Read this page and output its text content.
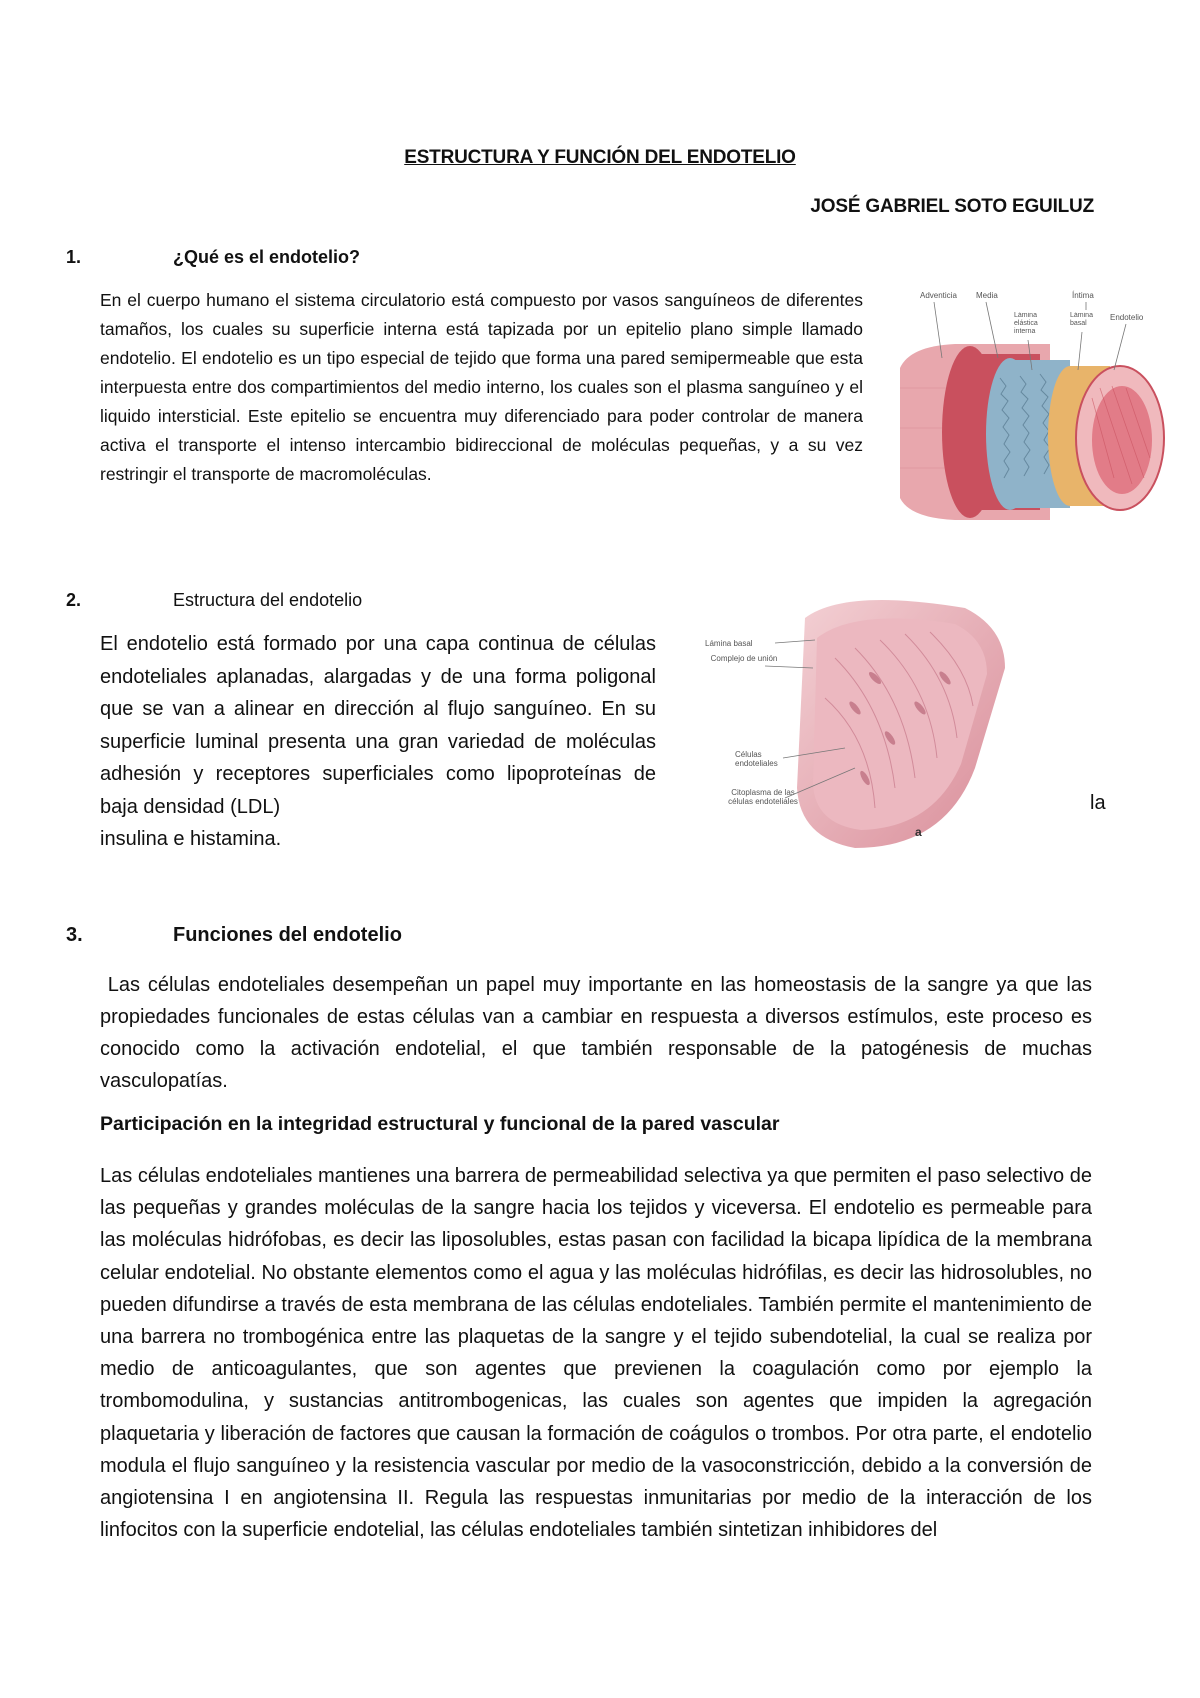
ESTRUCTURA Y FUNCIÓN DEL ENDOTELIO
JOSÉ GABRIEL SOTO EGUILUZ
1.	¿Qué es el endotelio?
En el cuerpo humano el sistema circulatorio está compuesto por vasos sanguíneos de diferentes tamaños, los cuales su superficie interna está tapizada por un epitelio plano simple llamado endotelio. El endotelio es un tipo especial de tejido que forma una pared semipermeable que esta interpuesta entre dos compartimientos del medio interno, los cuales son el plasma sanguíneo y el liquido intersticial. Este epitelio se encuentra muy diferenciado para poder controlar de manera activa el transporte el intenso intercambio bidireccional de moléculas pequeñas, y a su vez restringir el transporte de macromoléculas.
Adventicia Media	Íntima
Lámina elástica interna
Lámina basal
Endotelio
2.	Estructura del endotelio
El endotelio está formado por una capa continua de células endoteliales aplanadas, alargadas y de una forma poligonal que se van a alinear en dirección al flujo sanguíneo. En su superficie luminal presenta una gran variedad de moléculas adhesión y receptores superficiales como lipoproteínas de baja densidad (LDL)
insulina e histamina.
la
Lámina basal
Complejo de unión
Células endoteliales
Citoplasma de las células endoteliales
a
3.	Funciones del endotelio
Las células endoteliales desempeñan un papel muy importante en las homeostasis de la sangre ya que las propiedades funcionales de estas células van a cambiar en respuesta a diversos estímulos, este proceso es conocido como la activación endotelial, el que también responsable de la patogénesis de muchas vasculopatías.
Participación en la integridad estructural y funcional de la pared vascular
Las células endoteliales mantienes una barrera de permeabilidad selectiva ya que permiten el paso selectivo de las pequeñas y grandes moléculas de la sangre hacia los tejidos y viceversa. El endotelio es permeable para las moléculas hidrófobas, es decir las liposolubles, estas pasan con facilidad la bicapa lipídica de la membrana celular endotelial. No obstante elementos como el agua y las moléculas hidrófilas, es decir las hidrosolubles, no pueden difundirse a través de esta membrana de las células endoteliales. También permite el mantenimiento de una barrera no trombogénica entre las plaquetas de la sangre y el tejido subendotelial, la cual se realiza por medio de anticoagulantes, que son agentes que previenen la coagulación como por ejemplo la trombomodulina, y sustancias antitrombogenicas, las cuales son agentes que impiden la agregación plaquetaria y liberación de factores que causan la formación de coágulos o trombos. Por otra parte, el endotelio modula el flujo sanguíneo y la resistencia vascular por medio de la vasoconstricción, debido a la conversión de angiotensina I en angiotensina II. Regula las respuestas inmunitarias por medio de la interacción de los linfocitos con la superficie endotelial, las células endoteliales también sintetizan inhibidores del
